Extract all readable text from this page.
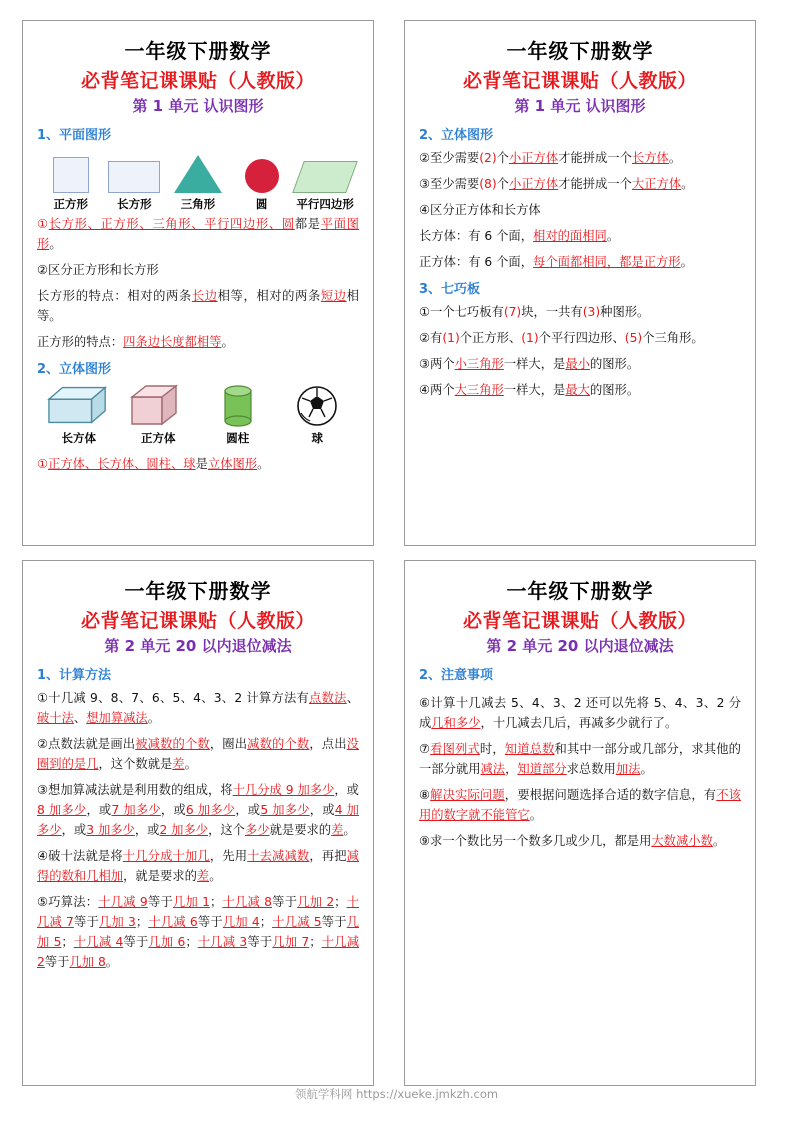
一年级下册数学
必背笔记课课贴（人教版）
第 1 单元 认识图形
1、平面图形
正方形	长方形	三角形	圆	平行四边形
①长方形、正方形、三角形、平行四边形、圆都是平面图形。
②区分正方形和长方形
长方形的特点：相对的两条长边相等，相对的两条短边相等。
正方形的特点：四条边长度都相等。
2、立体图形
长方体	正方体	圆柱	球
①正方体、长方体、圆柱、球是立体图形。
一年级下册数学
必背笔记课课贴（人教版）
第 1 单元 认识图形
2、立体图形
②至少需要(2)个小正方体才能拼成一个长方体。
③至少需要(8)个小正方体才能拼成一个大正方体。
④区分正方体和长方体
长方体：有 6 个面，相对的面相同。
正方体：有 6 个面，每个面都相同，都是正方形。
3、七巧板
①一个七巧板有(7)块，一共有(3)种图形。
②有(1)个正方形、(1)个平行四边形、(5)个三角形。
③两个小三角形一样大，是最小的图形。
④两个大三角形一样大，是最大的图形。
一年级下册数学
必背笔记课课贴（人教版）
第 2 单元 20 以内退位减法
1、计算方法
①十几减 9、8、7、6、5、4、3、2 计算方法有点数法、破十法、想加算减法。
②点数法就是画出被减数的个数，圈出减数的个数，点出没圈到的是几，这个数就是差。
③想加算减法就是利用数的组成，将十几分成 9 加多少，或8 加多少，或7 加多少，或6 加多少，或5 加多少，或4 加多少，或3 加多少，或2 加多少，这个多少就是要求的差。
④破十法就是将十几分成十加几，先用十去减减数，再把减得的数和几相加，就是要求的差。
⑤巧算法：十几减 9等于几加 1；十几减 8等于几加 2；十几减 7等于几加 3；十几减 6等于几加 4；十几减 5等于几加 5；十几减 4等于几加 6；十几减 3等于几加 7；十几减 2等于几加 8。
一年级下册数学
必背笔记课课贴（人教版）
第 2 单元 20 以内退位减法
2、注意事项
⑥计算十几减去 5、4、3、2 还可以先将 5、4、3、2 分成几和多少，十几减去几后，再减多少就行了。
⑦看图列式时，知道总数和其中一部分或几部分，求其他的一部分就用减法，知道部分求总数用加法。
⑧解决实际问题，要根据问题选择合适的数字信息，有不该用的数字就不能管它。
⑨求一个数比另一个数多几或少几，都是用大数减小数。
领航学科网 https://xueke.jmkzh.com
